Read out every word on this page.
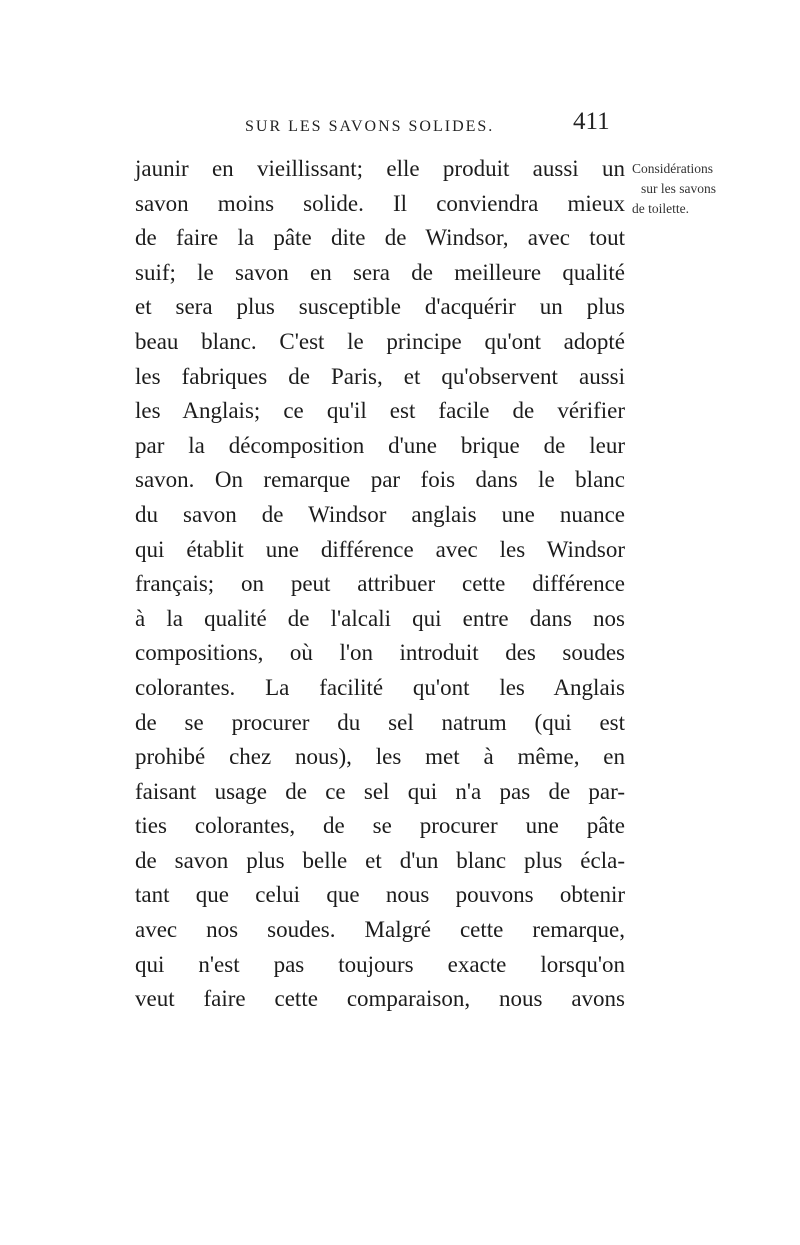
SUR LES SAVONS SOLIDES.	411
Considérations
sur les savons
de toilette.
jaunir en vieillissant; elle produit aussi un
savon moins solide. Il conviendra mieux
de faire la pâte dite de Windsor, avec tout
suif; le savon en sera de meilleure qualité
et sera plus susceptible d'acquérir un plus
beau blanc. C'est le principe qu'ont adopté
les fabriques de Paris, et qu'observent aussi
les Anglais; ce qu'il est facile de vérifier
par la décomposition d'une brique de leur
savon. On remarque par fois dans le blanc
du savon de Windsor anglais une nuance
qui établit une différence avec les Windsor
français; on peut attribuer cette différence
à la qualité de l'alcali qui entre dans nos
compositions, où l'on introduit des soudes
colorantes. La facilité qu'ont les Anglais
de se procurer du sel natrum (qui est
prohibé chez nous), les met à même, en
faisant usage de ce sel qui n'a pas de par-
ties colorantes, de se procurer une pâte
de savon plus belle et d'un blanc plus écla-
tant que celui que nous pouvons obtenir
avec nos soudes. Malgré cette remarque,
qui n'est pas toujours exacte lorsqu'on
veut faire cette comparaison, nous avons
